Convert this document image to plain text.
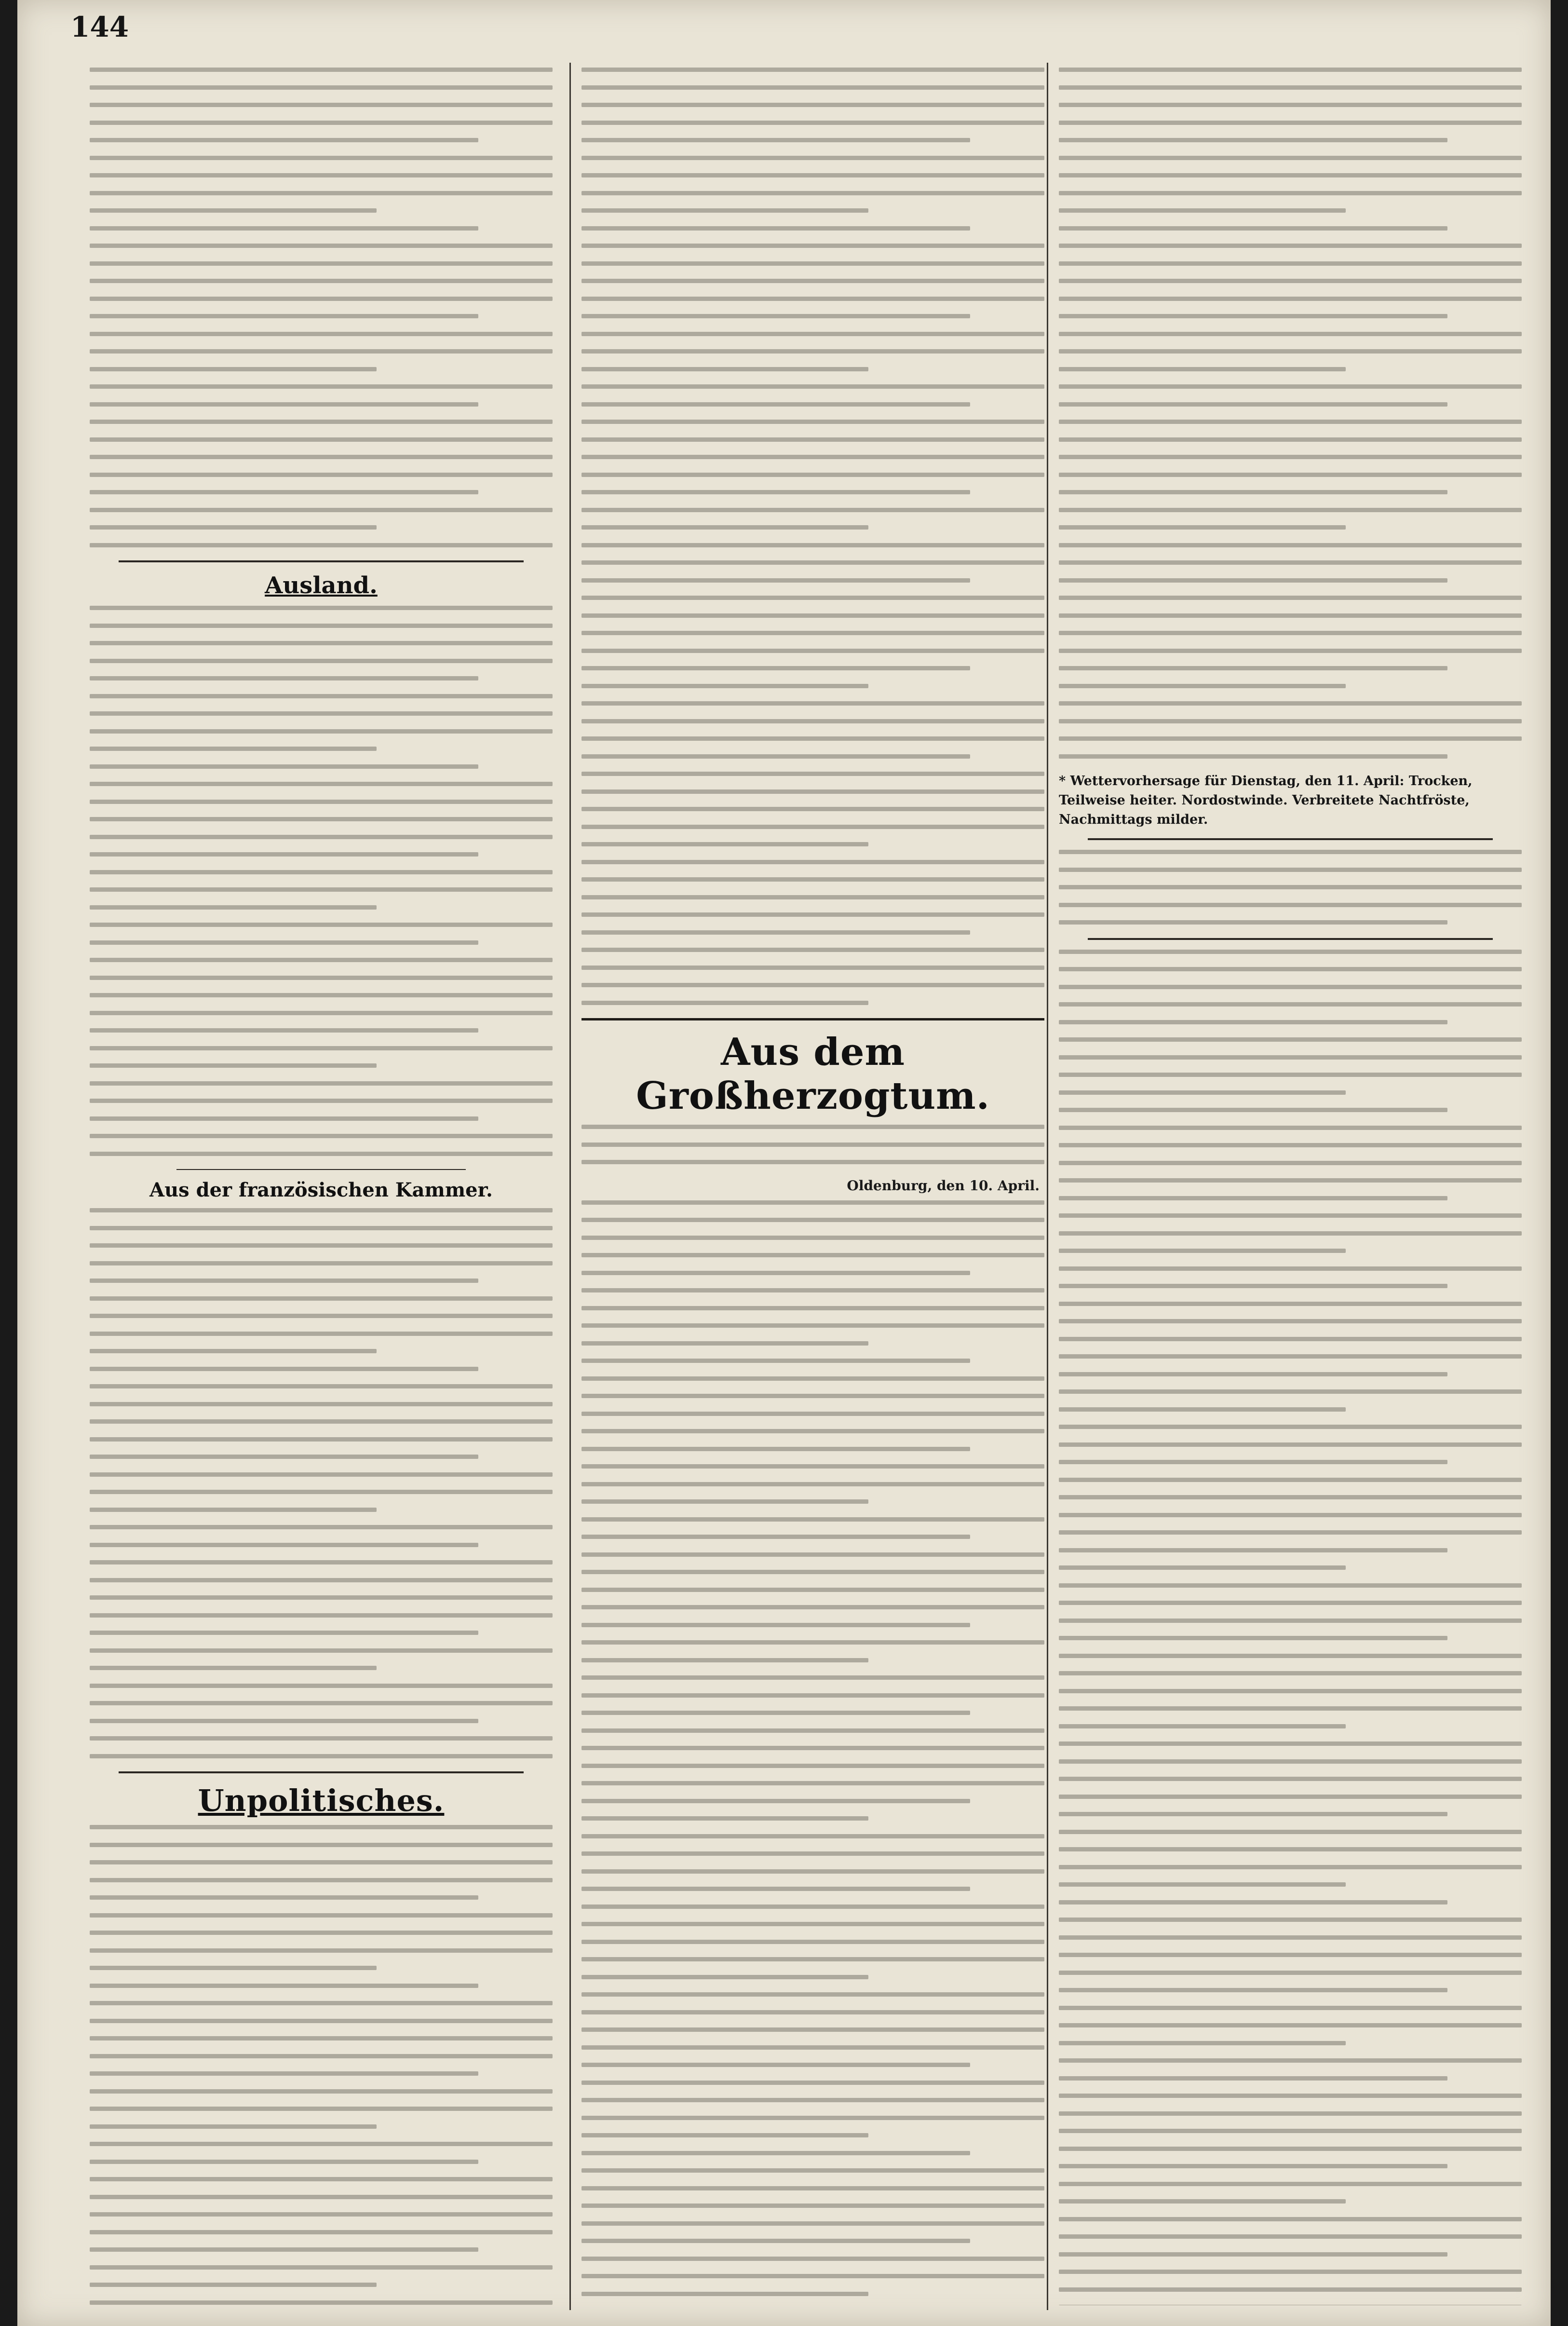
144
Ausland.
Aus der französischen Kammer.
Unpolitisches.
Aus dem Großherzogtum.
Oldenburg, den 10. April.
* Wettervorhersage für Dienstag, den 11. April: Trocken, Teilweise heiter. Nordostwinde. Verbreitete Nachtfröste, Nachmittags milder.
